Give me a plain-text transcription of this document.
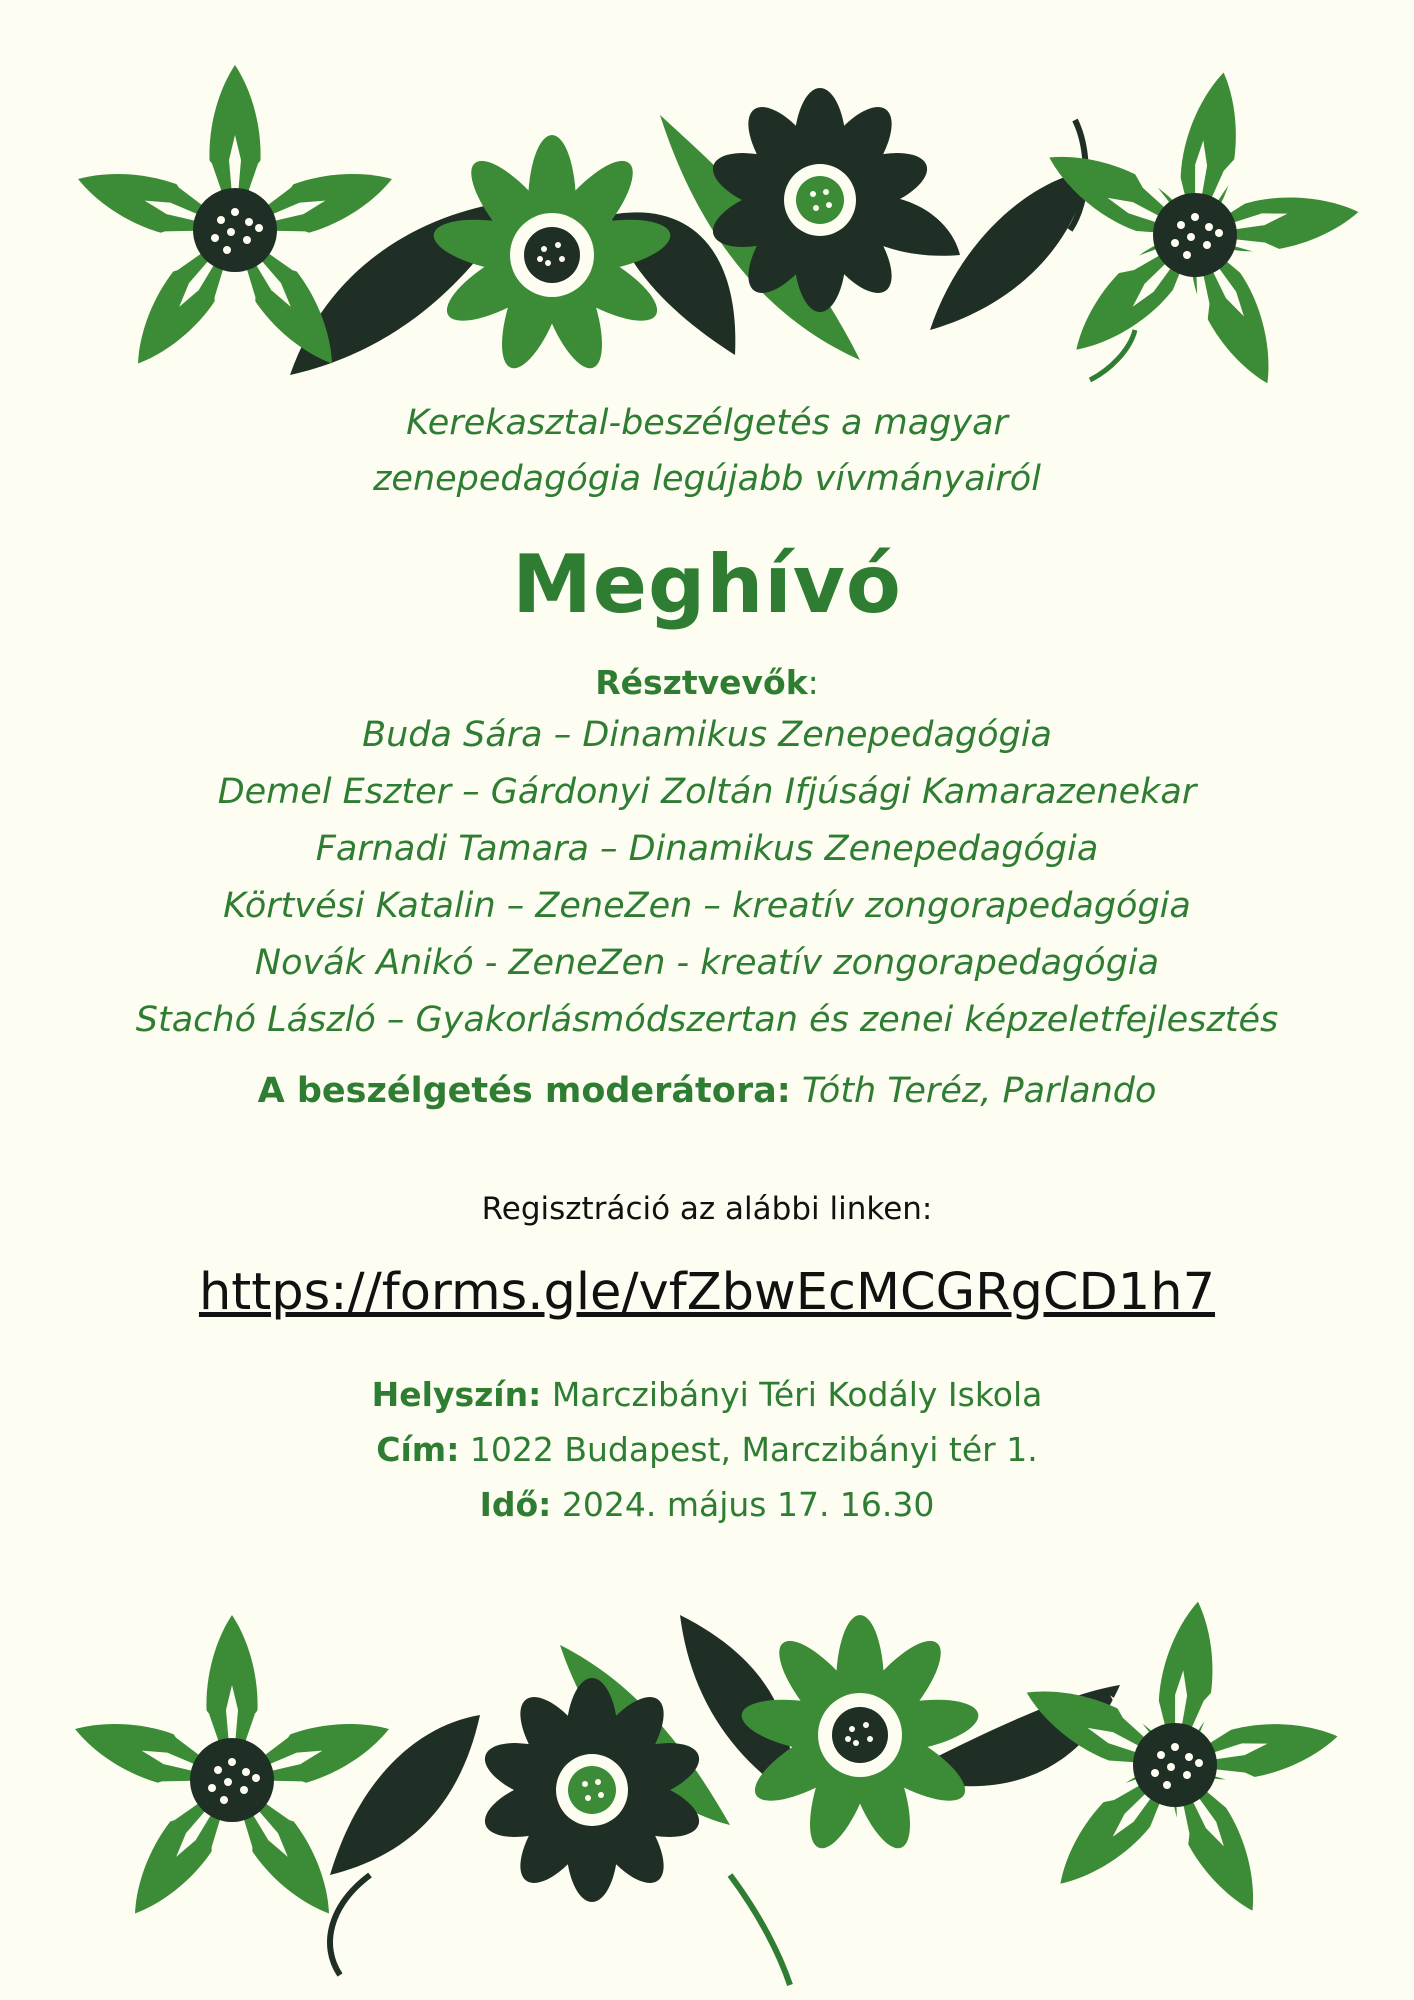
Kerekasztal-beszélgetés a magyar

zenepedagógia legújabb vívmányairól

Meghívó
Résztvevők:
Buda Sára – Dinamikus Zenepedagógia
Demel Eszter – Gárdonyi Zoltán Ifjúsági Kamarazenekar
Farnadi Tamara – Dinamikus Zenepedagógia
Körtvési Katalin – ZeneZen – kreatív zongorapedagógia
Novák Anikó - ZeneZen - kreatív zongorapedagógia
Stachó László – Gyakorlásmódszertan és zenei képzeletfejlesztés
A beszélgetés moderátora: Tóth Teréz, Parlando
Regisztráció az alábbi linken:
https://forms.gle/vfZbwEcMCGRgCD1h7
Helyszín: Marczibányi Téri Kodály Iskola
Cím: 1022 Budapest, Marczibányi tér 1.
Idő: 2024. május 17. 16.30
